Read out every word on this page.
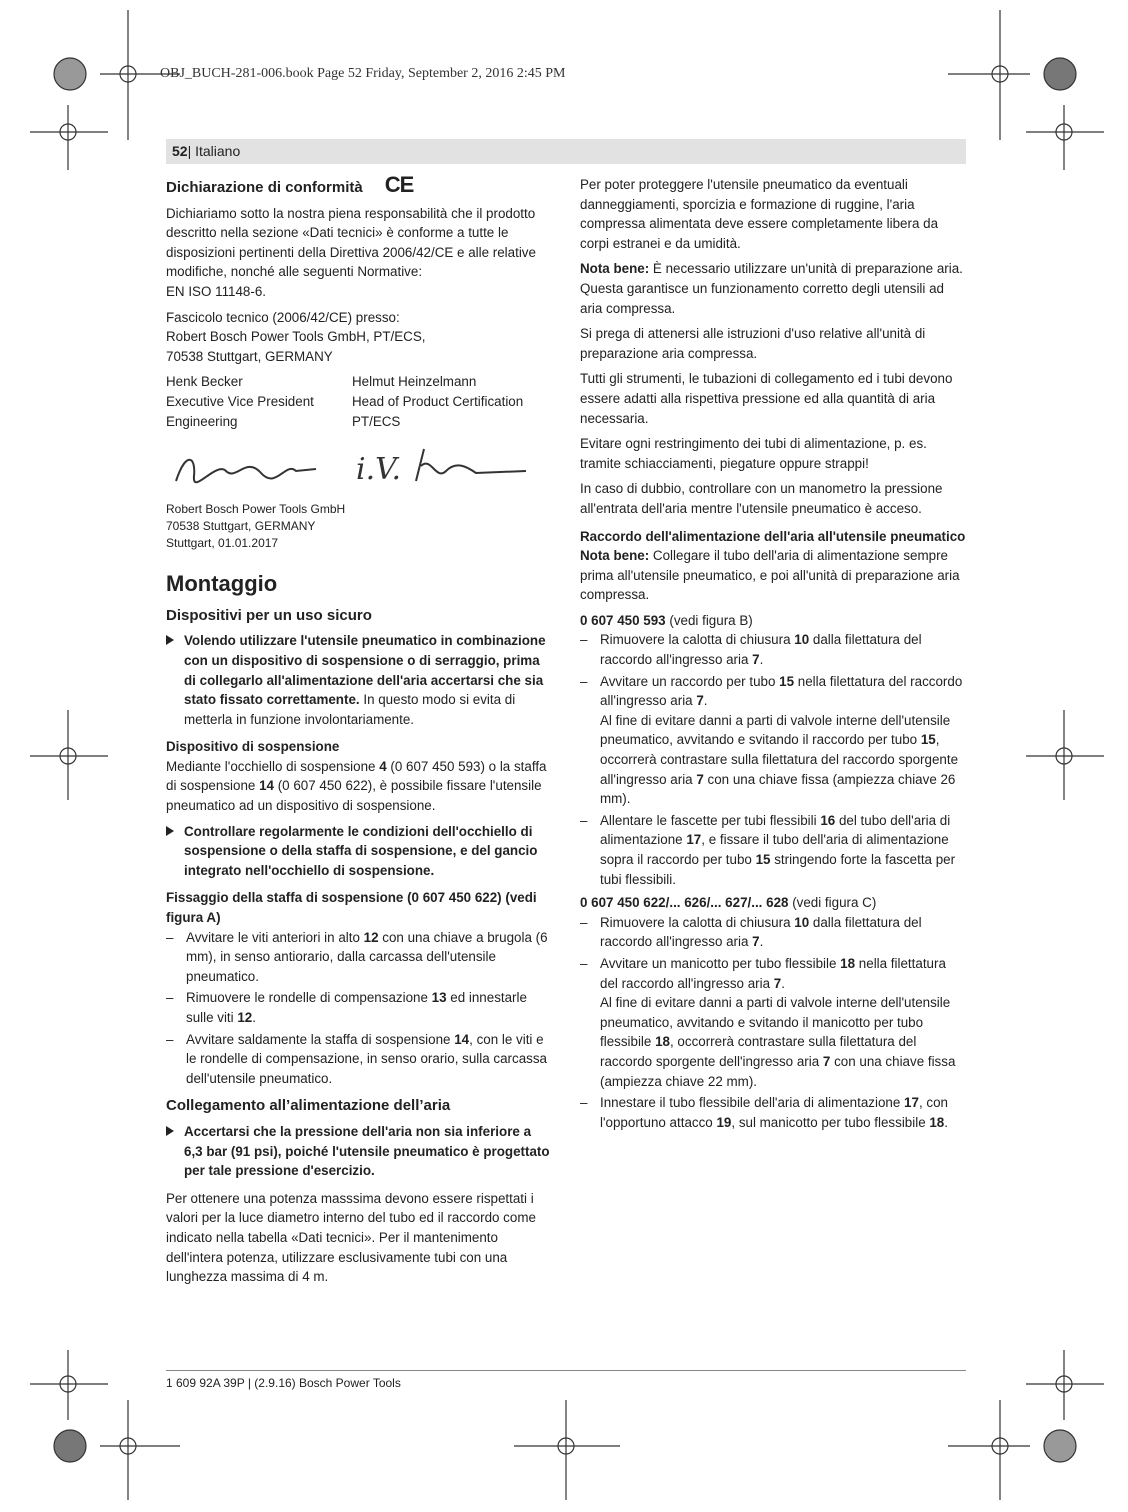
OBJ_BUCH-281-006.book Page 52 Friday, September 2, 2016 2:45 PM
52| Italiano
Dichiarazione di conformità CE

Dichiariamo sotto la nostra piena responsabilità che il prodotto descritto nella sezione «Dati tecnici» è conforme a tutte le disposizioni pertinenti della Direttiva 2006/42/CE e alle relative modifiche, nonché alle seguenti Normative:

EN ISO 11148-6.

Fascicolo tecnico (2006/42/CE) presso:
Robert Bosch Power Tools GmbH, PT/ECS,
70538 Stuttgart, GERMANY
Henk Becker
Executive Vice President
Engineering
Helmut Heinzelmann
Head of Product Certification
PT/ECS
i.V.
Robert Bosch Power Tools GmbH
70538 Stuttgart, GERMANY
Stuttgart, 01.01.2017
Montaggio
Dispositivi per un uso sicuro
Volendo utilizzare l'utensile pneumatico in combinazione con un dispositivo di sospensione o di serraggio, prima di collegarlo all'alimentazione dell'aria accertarsi che sia stato fissato correttamente. In questo modo si evita di metterla in funzione involontariamente.
Dispositivo di sospensione

Mediante l'occhiello di sospensione 4 (0 607 450 593) o la staffa di sospensione 14 (0 607 450 622), è possibile fissare l'utensile pneumatico ad un dispositivo di sospensione.

Controllare regolarmente le condizioni dell'occhiello di sospensione o della staffa di sospensione, e del gancio integrato nell'occhiello di sospensione.
Fissaggio della staffa di sospensione (0 607 450 622) (vedi figura A)
– Avvitare le viti anteriori in alto 12 con una chiave a brugola (6 mm), in senso antiorario, dalla carcassa dell'utensile pneumatico.
– Rimuovere le rondelle di compensazione 13 ed innestarle sulle viti 12.
– Avvitare saldamente la staffa di sospensione 14, con le viti e le rondelle di compensazione, in senso orario, sulla carcassa dell'utensile pneumatico.
Collegamento all’alimentazione dell’aria
Accertarsi che la pressione dell'aria non sia inferiore a 6,3 bar (91 psi), poiché l'utensile pneumatico è progettato per tale pressione d'esercizio.

Per ottenere una potenza masssima devono essere rispettati i valori per la luce diametro interno del tubo ed il raccordo come indicato nella tabella «Dati tecnici». Per il mantenimento dell'intera potenza, utilizzare esclusivamente tubi con una lunghezza massima di 4 m.

Per poter proteggere l'utensile pneumatico da eventuali danneggiamenti, sporcizia e formazione di ruggine, l'aria compressa alimentata deve essere completamente libera da corpi estranei e da umidità.

Nota bene: È necessario utilizzare un'unità di preparazione aria. Questa garantisce un funzionamento corretto degli utensili ad aria compressa.

Si prega di attenersi alle istruzioni d'uso relative all'unità di preparazione aria compressa.

Tutti gli strumenti, le tubazioni di collegamento ed i tubi devono essere adatti alla rispettiva pressione ed alla quantità di aria necessaria.

Evitare ogni restringimento dei tubi di alimentazione, p. es. tramite schiacciamenti, piegature oppure strappi!

In caso di dubbio, controllare con un manometro la pressione all'entrata dell'aria mentre l'utensile pneumatico è acceso.

Raccordo dell'alimentazione dell'aria all'utensile pneumatico

Nota bene: Collegare il tubo dell'aria di alimentazione sempre prima all'utensile pneumatico, e poi all'unità di preparazione aria compressa.

0 607 450 593 (vedi figura B)
– Rimuovere la calotta di chiusura 10 dalla filettatura del raccordo all'ingresso aria 7.
– Avvitare un raccordo per tubo 15 nella filettatura del raccordo all'ingresso aria 7.
Al fine di evitare danni a parti di valvole interne dell'utensile pneumatico, avvitando e svitando il raccordo per tubo 15, occorrerà contrastare sulla filettatura del raccordo sporgente all'ingresso aria 7 con una chiave fissa (ampiezza chiave 26 mm).
– Allentare le fascette per tubi flessibili 16 del tubo dell'aria di alimentazione 17, e fissare il tubo dell'aria di alimentazione sopra il raccordo per tubo 15 stringendo forte la fascetta per tubi flessibili.
0 607 450 622/... 626/... 627/... 628 (vedi figura C)
– Rimuovere la calotta di chiusura 10 dalla filettatura del raccordo all'ingresso aria 7.
– Avvitare un manicotto per tubo flessibile 18 nella filettatura del raccordo all'ingresso aria 7.
Al fine di evitare danni a parti di valvole interne dell'utensile pneumatico, avvitando e svitando il manicotto per tubo flessibile 18, occorrerà contrastare sulla filettatura del raccordo sporgente dell'ingresso aria 7 con una chiave fissa (ampiezza chiave 22 mm).
– Innestare il tubo flessibile dell'aria di alimentazione 17, con l'opportuno attacco 19, sul manicotto per tubo flessibile 18.
1 609 92A 39P | (2.9.16) Bosch Power Tools
